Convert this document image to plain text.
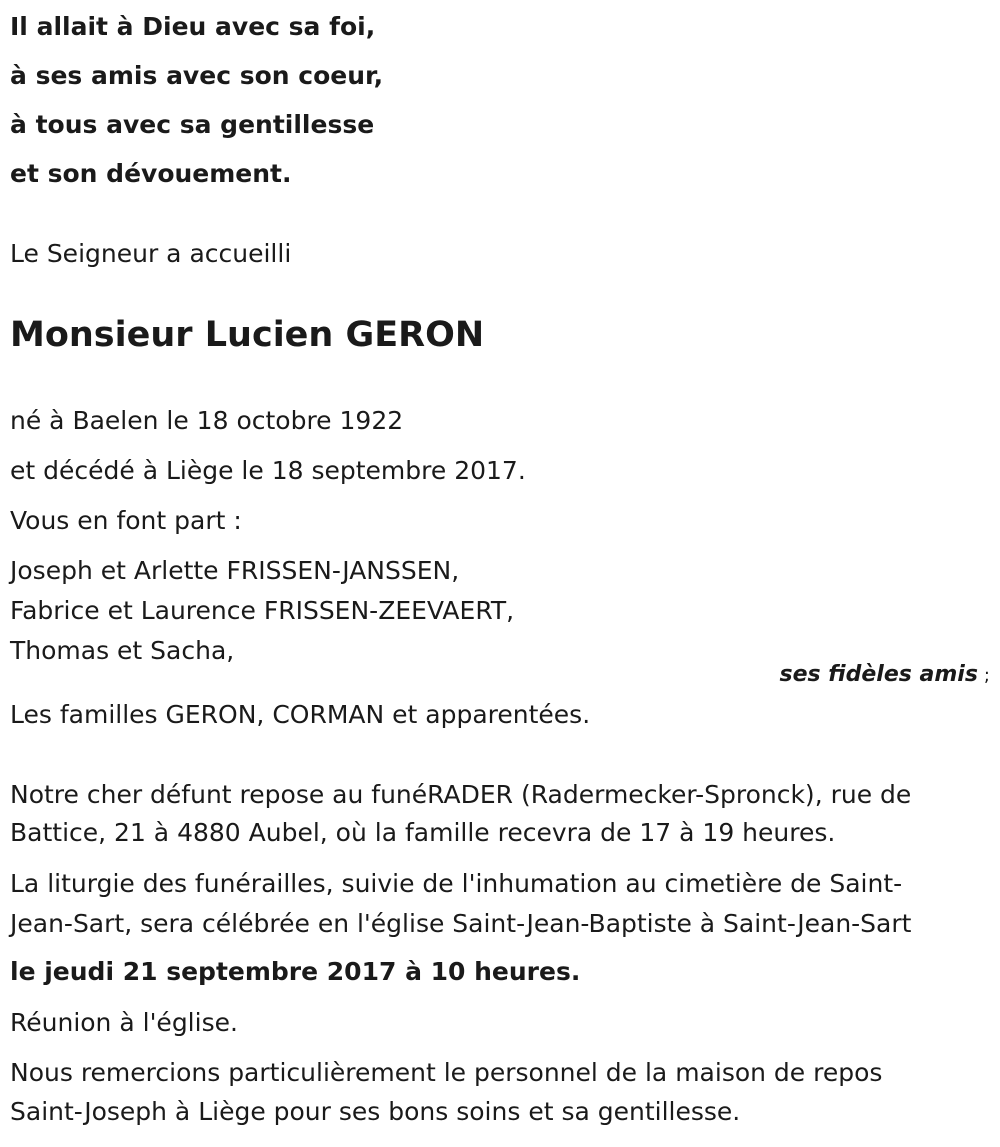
Il allait à Dieu avec sa foi,
à ses amis avec son coeur,
à tous avec sa gentillesse
et son dévouement.
Le Seigneur a accueilli
Monsieur Lucien GERON
né à Baelen le 18 octobre 1922
et décédé à Liège le 18 septembre 2017.
Vous en font part :
Joseph et Arlette FRISSEN-JANSSEN,
Fabrice et Laurence FRISSEN-ZEEVAERT,
Thomas et Sacha,
ses fidèles amis ;
Les familles GERON, CORMAN et apparentées.
Notre cher défunt repose au funéRADER (Radermecker-Spronck), rue de
Battice, 21 à 4880 Aubel, où la famille recevra de 17 à 19 heures.
La liturgie des funérailles, suivie de l'inhumation au cimetière de Saint-
Jean-Sart, sera célébrée en l'église Saint-Jean-Baptiste à Saint-Jean-Sart
le jeudi 21 septembre 2017 à 10 heures.
Réunion à l'église.
Nous remercions particulièrement le personnel de la maison de repos
Saint-Joseph à Liège pour ses bons soins et sa gentillesse.
